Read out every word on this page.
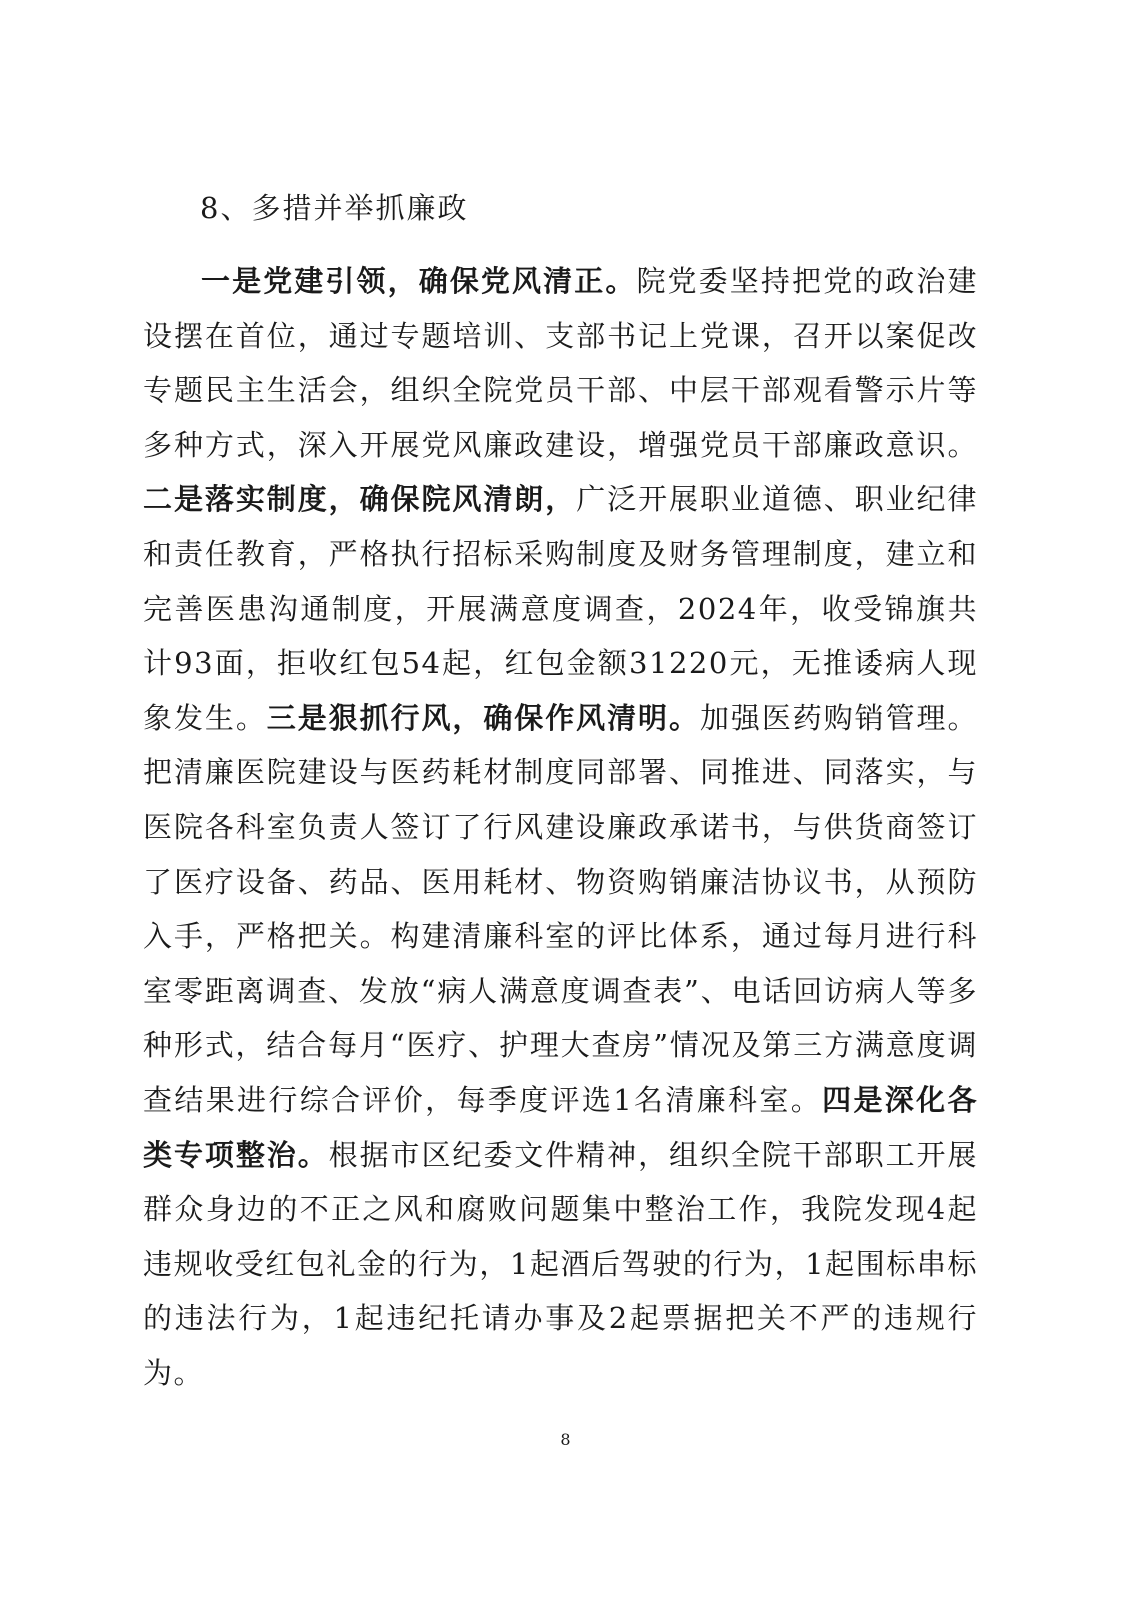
8、多措并举抓廉政

一是党建引领，确保党风清正。院党委坚持把党的政治建设摆在首位，通过专题培训、支部书记上党课，召开以案促改专题民主生活会，组织全院党员干部、中层干部观看警示片等多种方式，深入开展党风廉政建设，增强党员干部廉政意识。二是落实制度，确保院风清朗，广泛开展职业道德、职业纪律和责任教育，严格执行招标采购制度及财务管理制度，建立和完善医患沟通制度，开展满意度调查，2024年，收受锦旗共计93面，拒收红包54起，红包金额31220元，无推诿病人现象发生。三是狠抓行风，确保作风清明。加强医药购销管理。把清廉医院建设与医药耗材制度同部署、同推进、同落实，与医院各科室负责人签订了行风建设廉政承诺书，与供货商签订了医疗设备、药品、医用耗材、物资购销廉洁协议书，从预防入手，严格把关。构建清廉科室的评比体系，通过每月进行科室零距离调查、发放“病人满意度调查表”、电话回访病人等多种形式，结合每月“医疗、护理大查房”情况及第三方满意度调查结果进行综合评价，每季度评选1名清廉科室。四是深化各类专项整治。根据市区纪委文件精神，组织全院干部职工开展群众身边的不正之风和腐败问题集中整治工作，我院发现4起违规收受红包礼金的行为，1起酒后驾驶的行为，1起围标串标的违法行为，1起违纪托请办事及2起票据把关不严的违规行为。

8
